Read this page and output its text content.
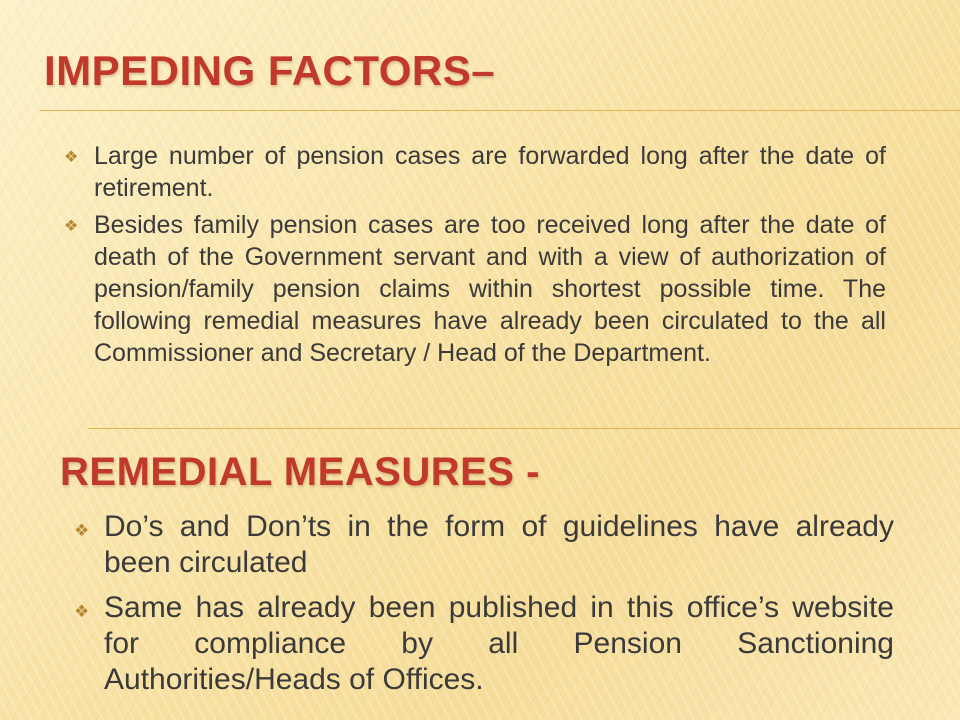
IMPEDING FACTORS–
❖ Large number of pension cases are forwarded long after the date of retirement.
❖ Besides family pension cases are too received long after the date of death of the Government servant and with a view of authorization of pension/family pension claims within shortest possible time. The following remedial measures have already been circulated to the all Commissioner and Secretary / Head of the Department.
REMEDIAL MEASURES -
❖ Do’s and Don’ts in the form of guidelines have already been circulated
❖ Same has already been published in this office’s website for compliance by all Pension Sanctioning Authorities/Heads of Offices.
